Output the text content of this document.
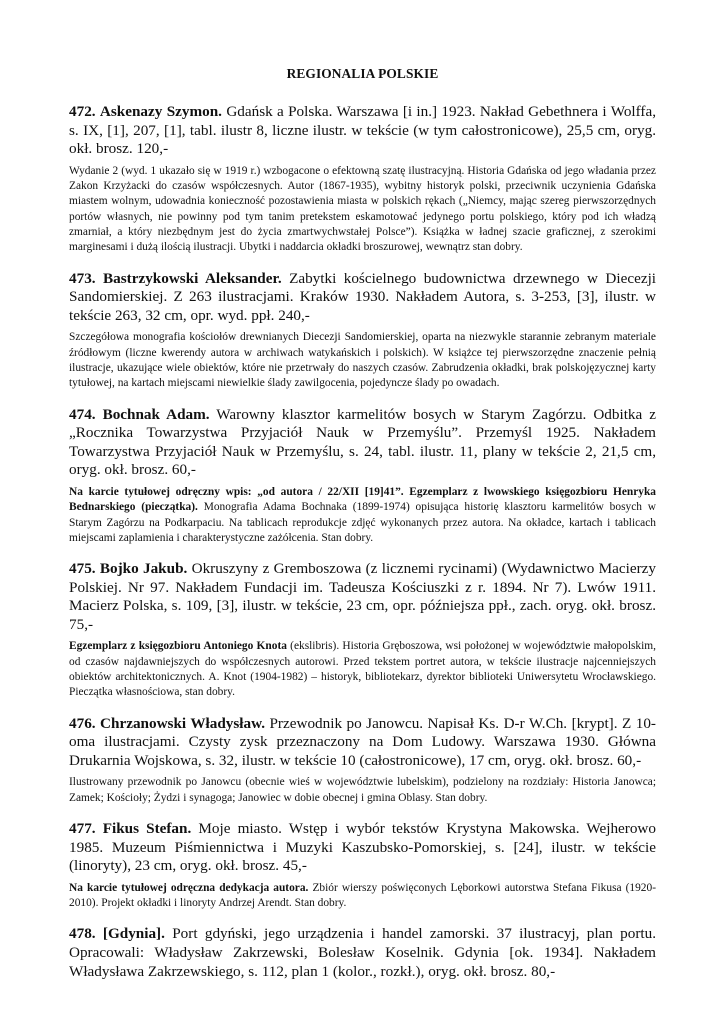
REGIONALIA POLSKIE

472. Askenazy Szymon. Gdańsk a Polska. Warszawa [i in.] 1923. Nakład Gebethnera i Wolffa, s. IX, [1], 207, [1], tabl. ilustr 8, liczne ilustr. w tekście (w tym całostronicowe), 25,5 cm, oryg. okł. brosz. 120,-

Wydanie 2 (wyd. 1 ukazało się w 1919 r.) wzbogacone o efektowną szatę ilustracyjną. Historia Gdańska od jego władania przez Zakon Krzyżacki do czasów współczesnych. Autor (1867-1935), wybitny historyk polski, przeciwnik uczynienia Gdańska miastem wolnym, udowadnia konieczność pozostawienia miasta w polskich rękach („Niemcy, mając szereg pierwszorzędnych portów własnych, nie powinny pod tym tanim pretekstem eskamotować jedynego portu polskiego, który pod ich władzą zmarniał, a który niezbędnym jest do życia zmartwychwstałej Polsce”). Książka w ładnej szacie graficznej, z szerokimi marginesami i dużą ilością ilustracji. Ubytki i naddarcia okładki broszurowej, wewnątrz stan dobry.

473. Bastrzykowski Aleksander. Zabytki kościelnego budownictwa drzewnego w Diecezji Sandomierskiej. Z 263 ilustracjami. Kraków 1930. Nakładem Autora, s. 3-253, [3], ilustr. w tekście 263, 32 cm, opr. wyd. ppł. 240,-

Szczegółowa monografia kościołów drewnianych Diecezji Sandomierskiej, oparta na niezwykle starannie zebranym materiale źródłowym (liczne kwerendy autora w archiwach watykańskich i polskich). W książce tej pierwszorzędne znaczenie pełnią ilustracje, ukazujące wiele obiektów, które nie przetrwały do naszych czasów. Zabrudzenia okładki, brak polskojęzycznej karty tytułowej, na kartach miejscami niewielkie ślady zawilgocenia, pojedyncze ślady po owadach.

474. Bochnak Adam. Warowny klasztor karmelitów bosych w Starym Zagórzu. Odbitka z „Rocznika Towarzystwa Przyjaciół Nauk w Przemyślu”. Przemyśl 1925. Nakładem Towarzystwa Przyjaciół Nauk w Przemyślu, s. 24, tabl. ilustr. 11, plany w tekście 2, 21,5 cm, oryg. okł. brosz. 60,-

Na karcie tytułowej odręczny wpis: „od autora / 22/XII [19]41”. Egzemplarz z lwowskiego księgozbioru Henryka Bednarskiego (pieczątka). Monografia Adama Bochnaka (1899-1974) opisująca historię klasztoru karmelitów bosych w Starym Zagórzu na Podkarpaciu. Na tablicach reprodukcje zdjęć wykonanych przez autora. Na okładce, kartach i tablicach miejscami zaplamienia i charakterystyczne zażółcenia. Stan dobry.

475. Bojko Jakub. Okruszyny z Gremboszowa (z licznemi rycinami) (Wydawnictwo Macierzy Polskiej. Nr 97. Nakładem Fundacji im. Tadeusza Kościuszki z r. 1894. Nr 7). Lwów 1911. Macierz Polska, s. 109, [3], ilustr. w tekście, 23 cm, opr. późniejsza ppł., zach. oryg. okł. brosz. 75,-

Egzemplarz z księgozbioru Antoniego Knota (ekslibris). Historia Gręboszowa, wsi położonej w województwie małopolskim, od czasów najdawniejszych do współczesnych autorowi. Przed tekstem portret autora, w tekście ilustracje najcenniejszych obiektów architektonicznych. A. Knot (1904-1982) – historyk, bibliotekarz, dyrektor biblioteki Uniwersytetu Wrocławskiego. Pieczątka własnościowa, stan dobry.

476. Chrzanowski Władysław. Przewodnik po Janowcu. Napisał Ks. D-r W.Ch. [krypt]. Z 10-oma ilustracjami. Czysty zysk przeznaczony na Dom Ludowy. Warszawa 1930. Główna Drukarnia Wojskowa, s. 32, ilustr. w tekście 10 (całostronicowe), 17 cm, oryg. okł. brosz. 60,-

Ilustrowany przewodnik po Janowcu (obecnie wieś w województwie lubelskim), podzielony na rozdziały: Historia Janowca; Zamek; Kościoły; Żydzi i synagoga; Janowiec w dobie obecnej i gmina Oblasy. Stan dobry.

477. Fikus Stefan. Moje miasto. Wstęp i wybór tekstów Krystyna Makowska. Wejherowo 1985. Muzeum Piśmiennictwa i Muzyki Kaszubsko-Pomorskiej, s. [24], ilustr. w tekście (linoryty), 23 cm, oryg. okł. brosz. 45,-

Na karcie tytułowej odręczna dedykacja autora. Zbiór wierszy poświęconych Lęborkowi autorstwa Stefana Fikusa (1920-2010). Projekt okładki i linoryty Andrzej Arendt. Stan dobry.

478. [Gdynia]. Port gdyński, jego urządzenia i handel zamorski. 37 ilustracyj, plan portu. Opracowali: Władysław Zakrzewski, Bolesław Koselnik. Gdynia [ok. 1934]. Nakładem Władysława Zakrzewskiego, s. 112, plan 1 (kolor., rozkł.), oryg. okł. brosz. 80,-
